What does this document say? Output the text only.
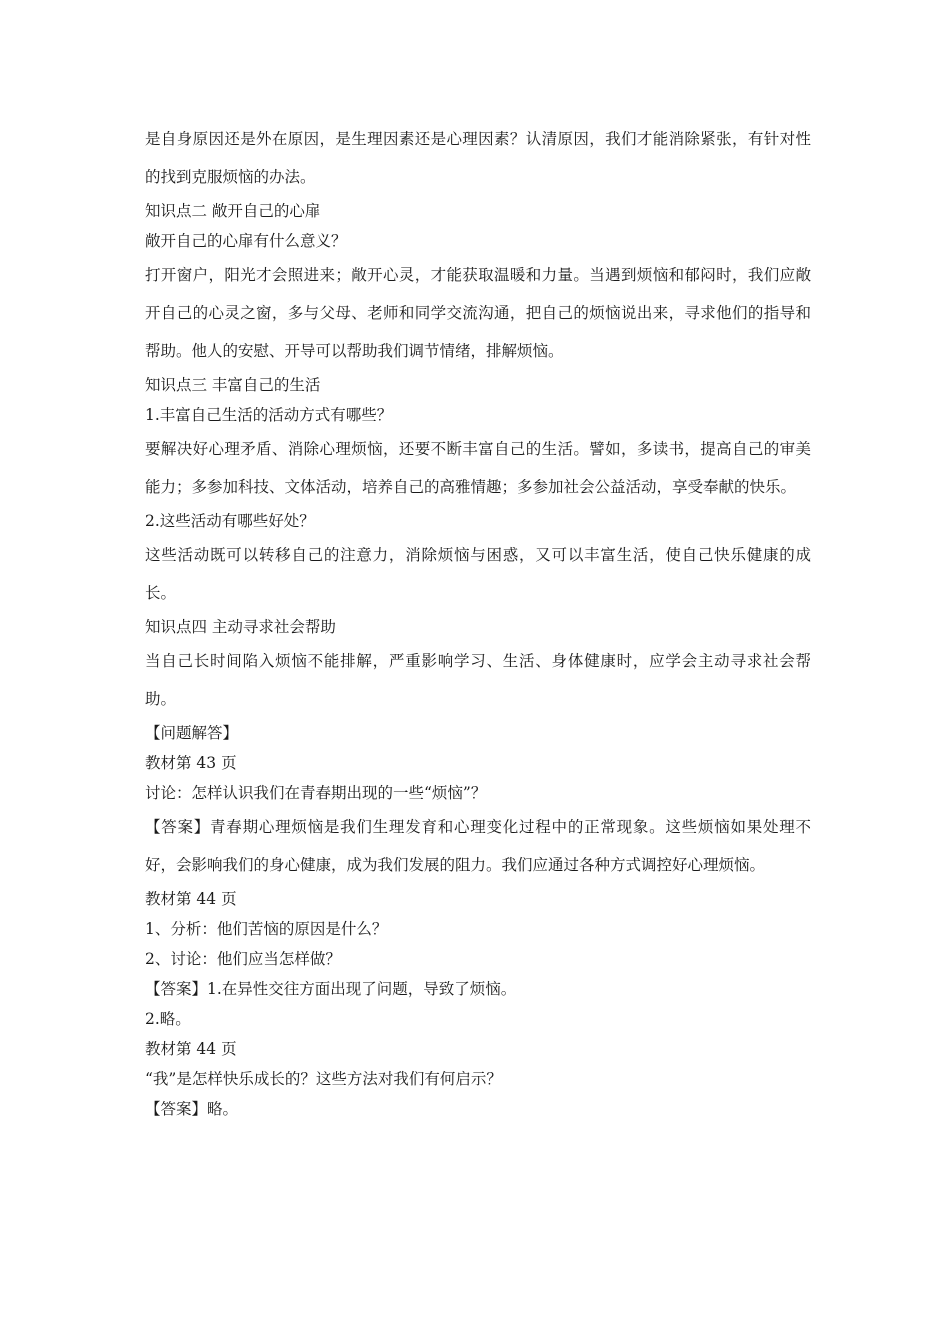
是自身原因还是外在原因，是生理因素还是心理因素？认清原因，我们才能消除紧张，有针对性的找到克服烦恼的办法。

知识点二 敞开自己的心扉

敞开自己的心扉有什么意义？

打开窗户，阳光才会照进来；敞开心灵，才能获取温暖和力量。当遇到烦恼和郁闷时，我们应敞开自己的心灵之窗，多与父母、老师和同学交流沟通，把自己的烦恼说出来，寻求他们的指导和帮助。他人的安慰、开导可以帮助我们调节情绪，排解烦恼。

知识点三 丰富自己的生活

1.丰富自己生活的活动方式有哪些？

要解决好心理矛盾、消除心理烦恼，还要不断丰富自己的生活。譬如，多读书，提高自己的审美能力；多参加科技、文体活动，培养自己的高雅情趣；多参加社会公益活动，享受奉献的快乐。

2.这些活动有哪些好处？

这些活动既可以转移自己的注意力，消除烦恼与困惑，又可以丰富生活，使自己快乐健康的成长。

知识点四 主动寻求社会帮助

当自己长时间陷入烦恼不能排解，严重影响学习、生活、身体健康时，应学会主动寻求社会帮助。

【问题解答】

教材第 43 页

讨论：怎样认识我们在青春期出现的一些“烦恼”？

【答案】青春期心理烦恼是我们生理发育和心理变化过程中的正常现象。这些烦恼如果处理不好，会影响我们的身心健康，成为我们发展的阻力。我们应通过各种方式调控好心理烦恼。

教材第 44 页

1、分析：他们苦恼的原因是什么？

2、讨论：他们应当怎样做？

【答案】1.在异性交往方面出现了问题，导致了烦恼。

2.略。

教材第 44 页

“我”是怎样快乐成长的？这些方法对我们有何启示？

【答案】略。
